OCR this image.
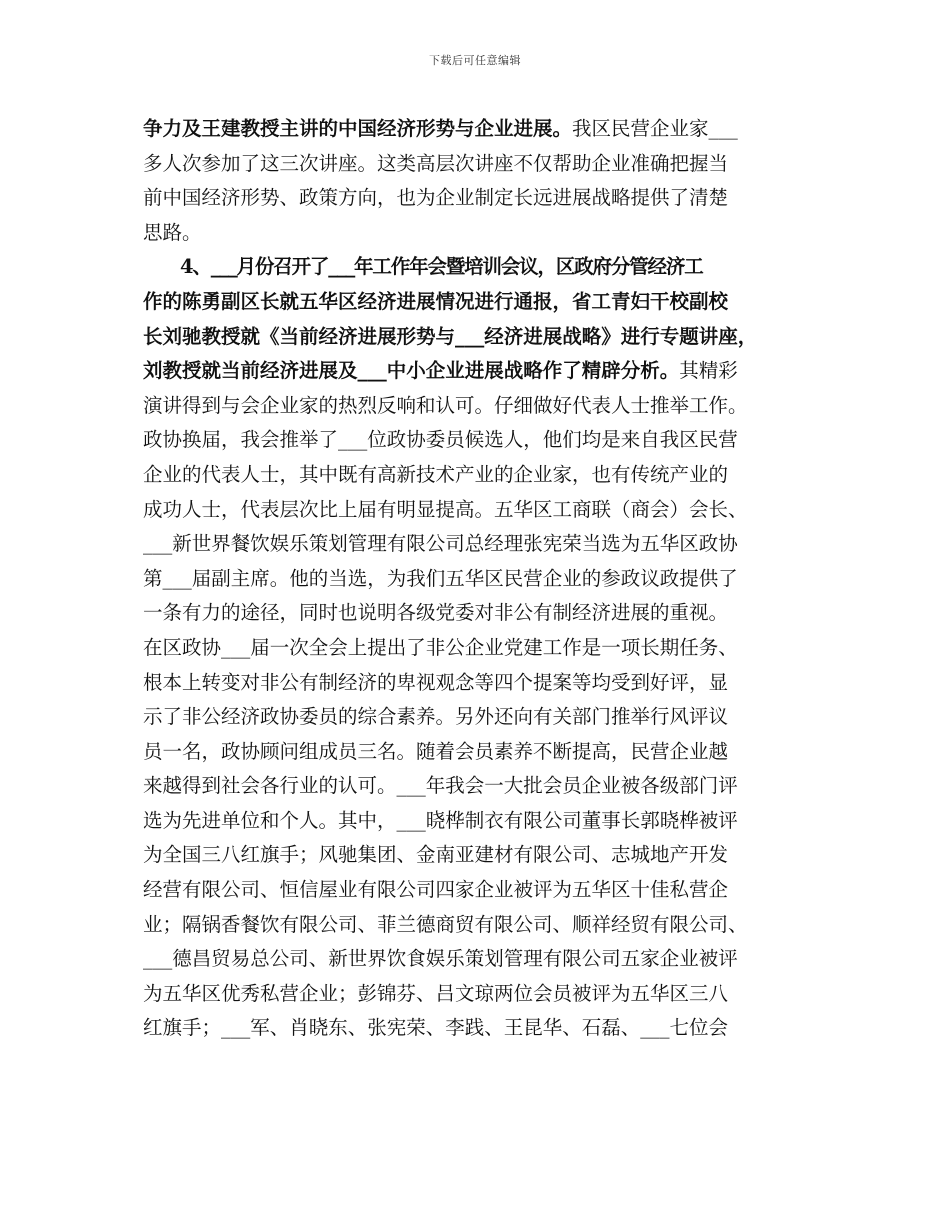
下载后可任意编辑
争力及王建教授主讲的中国经济形势与企业进展。我区民营企业家___
多人次参加了这三次讲座。这类高层次讲座不仅帮助企业准确把握当
前中国经济形势、政策方向，也为企业制定长远进展战略提供了清楚
思路。
4、___月份召开了___年工作年会暨培训会议，区政府分管经济工
作的陈勇副区长就五华区经济进展情况进行通报，省工青妇干校副校
长刘驰教授就《当前经济进展形势与___经济进展战略》进行专题讲座，
刘教授就当前经济进展及___中小企业进展战略作了精辟分析。其精彩
演讲得到与会企业家的热烈反响和认可。仔细做好代表人士推举工作。
政协换届，我会推举了___位政协委员候选人，他们均是来自我区民营
企业的代表人士，其中既有高新技术产业的企业家，也有传统产业的
成功人士，代表层次比上届有明显提高。五华区工商联（商会）会长、
___新世界餐饮娱乐策划管理有限公司总经理张宪荣当选为五华区政协
第___届副主席。他的当选，为我们五华区民营企业的参政议政提供了
一条有力的途径，同时也说明各级党委对非公有制经济进展的重视。
在区政协___届一次全会上提出了非公企业党建工作是一项长期任务、
根本上转变对非公有制经济的卑视观念等四个提案等均受到好评，显
示了非公经济政协委员的综合素养。另外还向有关部门推举行风评议
员一名，政协顾问组成员三名。随着会员素养不断提高，民营企业越
来越得到社会各行业的认可。___年我会一大批会员企业被各级部门评
选为先进单位和个人。其中，___晓桦制衣有限公司董事长郭晓桦被评
为全国三八红旗手；风驰集团、金南亚建材有限公司、志城地产开发
经营有限公司、恒信屋业有限公司四家企业被评为五华区十佳私营企
业；隔锅香餐饮有限公司、菲兰德商贸有限公司、顺祥经贸有限公司、
___德昌贸易总公司、新世界饮食娱乐策划管理有限公司五家企业被评
为五华区优秀私营企业；彭锦芬、吕文琼两位会员被评为五华区三八
红旗手；___军、肖晓东、张宪荣、李践、王昆华、石磊、___七位会
